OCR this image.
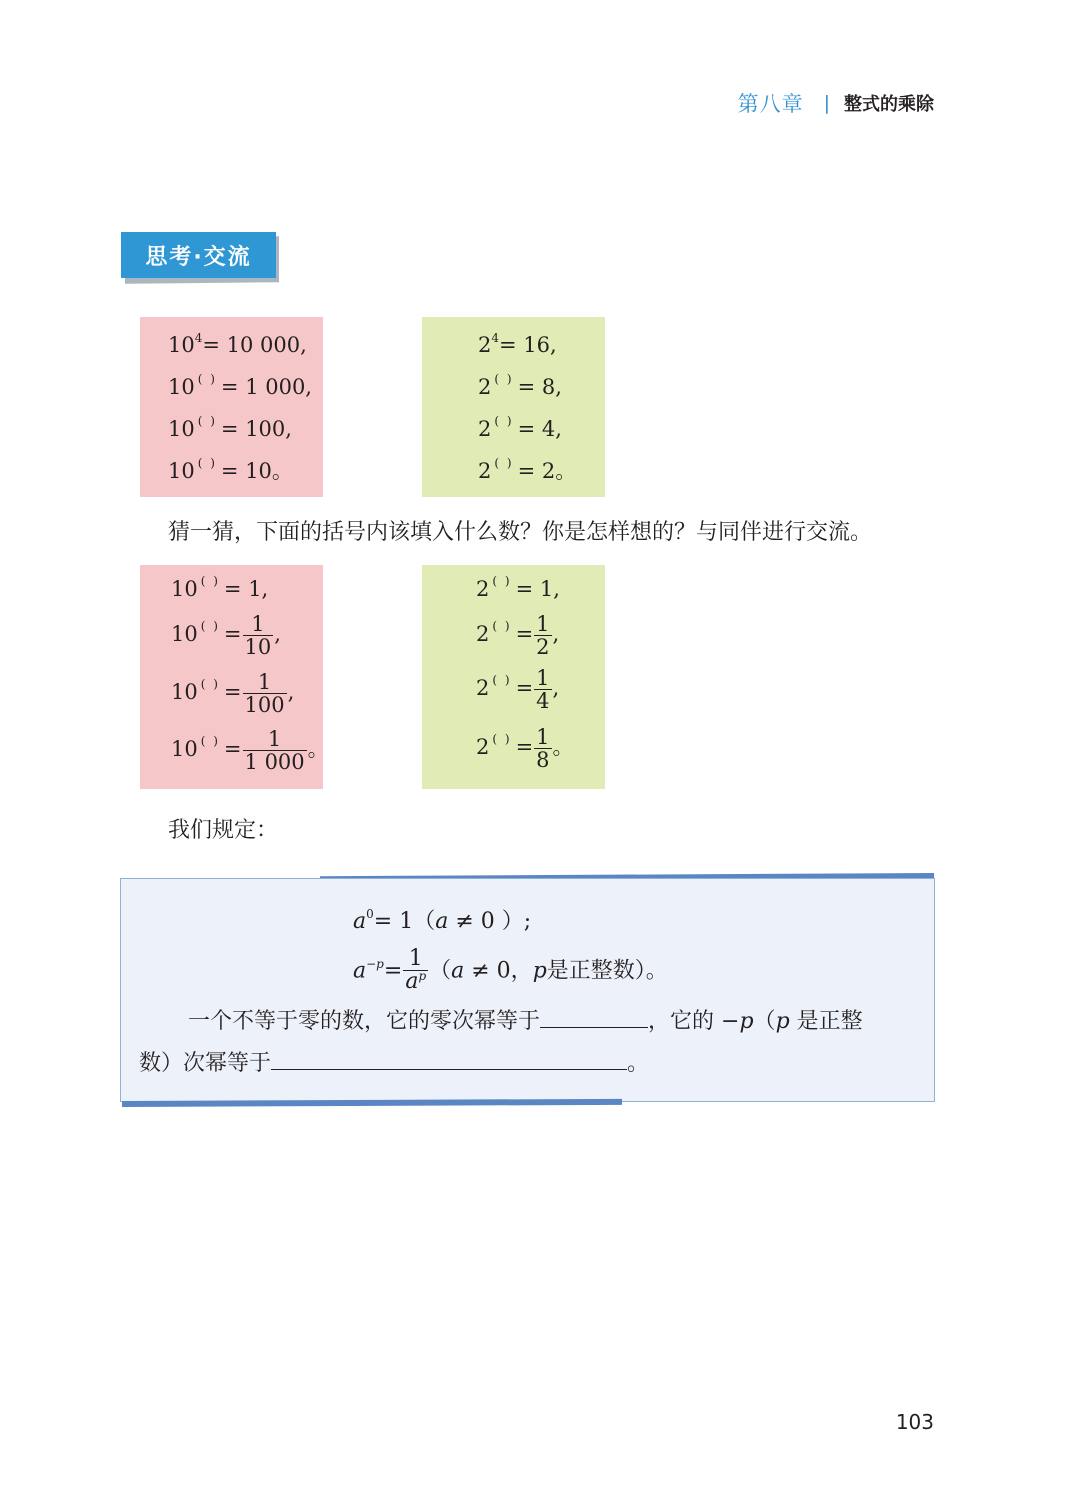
第八章 | 整式的乘除
思考·交流
$10^4= 10$ 000,
10 ( ) = 1 000,
10 ( ) = 100,
10 ( ) = 10。
$2^4= 16$,
2 ( ) = 8,
2 ( ) = 4,
2 ( ) = 2。
猜一猜，下面的括号内该填入什么数？你是怎样想的？与同伴进行交流。
10 ( ) = 1,
10 $^{( )} = \frac{1}{10}$ ,
10 $^{( )} = \frac{1}{100}$ ,
10 $^{( )} = \frac{1}{1 000}$ 。
2 ( ) = 1,
2 $^{( )} = \frac{1}{2}$ ,
2 $^{( )} = \frac{1}{4}$ ,
2 $^{( )} = \frac{1}{8}$ 。
我们规定：
$a^0= 1(a \ne 0$ ）;
$a^{-p}= \frac{1}{a^p} (a \ne 0$，p是正整数）。
一个不等于零的数，它的零次幂等于	，它的 −p（p 是正整
数）次幂等于	。
103
